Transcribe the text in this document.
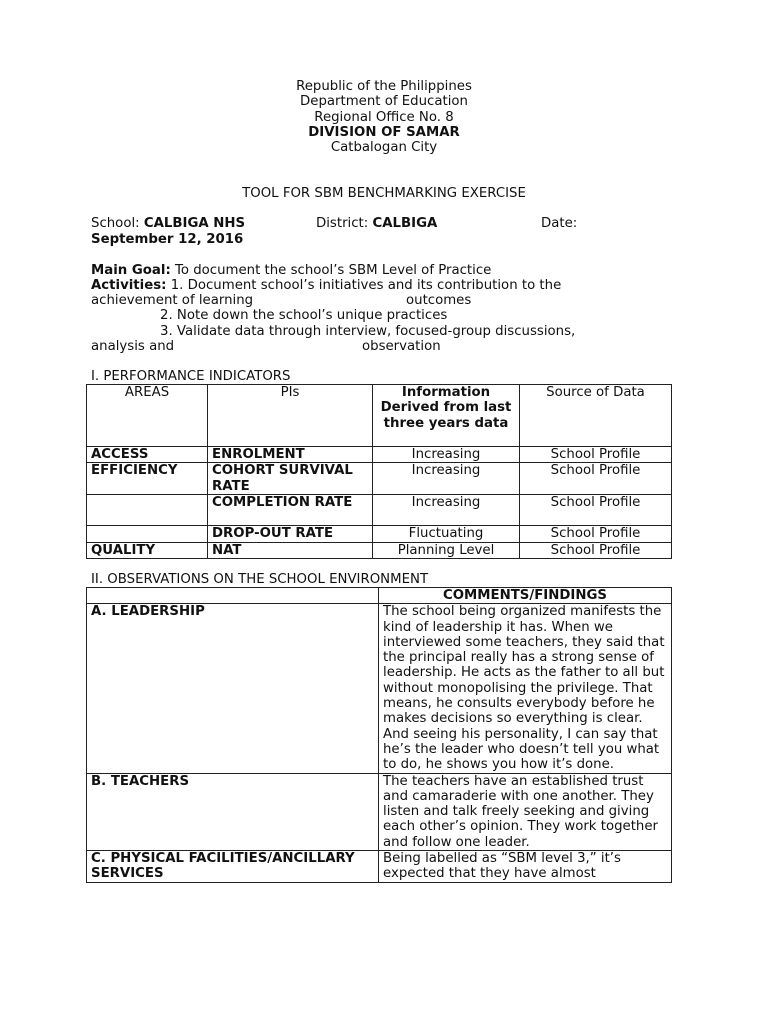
Republic of the Philippines
Department of Education
Regional Office No. 8
DIVISION OF SAMAR
Catbalogan City
TOOL FOR SBM BENCHMARKING EXERCISE
School: CALBIGA NHS	District: CALBIGA	Date:
September 12, 2016
Main Goal: To document the school’s SBM Level of Practice
Activities: 1. Document school’s initiatives and its contribution to the
achievement of learning	outcomes
2. Note down the school’s unique practices
3. Validate data through interview, focused-group discussions,
analysis and	observation
I. PERFORMANCE INDICATORS
AREAS	PIs	Information Derived from last three years data	Source of Data
ACCESS	ENROLMENT	Increasing	School Profile
EFFICIENCY	COHORT SURVIVAL RATE	Increasing	School Profile
	COMPLETION RATE	Increasing	School Profile
	DROP-OUT RATE	Fluctuating	School Profile
QUALITY	NAT	Planning Level	School Profile
II. OBSERVATIONS ON THE SCHOOL ENVIRONMENT
	COMMENTS/FINDINGS
A. LEADERSHIP	The school being organized manifests the kind of leadership it has. When we interviewed some teachers, they said that the principal really has a strong sense of leadership. He acts as the father to all but without monopolising the privilege. That means, he consults everybody before he makes decisions so everything is clear. And seeing his personality, I can say that he’s the leader who doesn’t tell you what to do, he shows you how it’s done.
B. TEACHERS	The teachers have an established trust and camaraderie with one another. They listen and talk freely seeking and giving each other’s opinion. They work together and follow one leader.
C. PHYSICAL FACILITIES/ANCILLARY SERVICES	Being labelled as “SBM level 3,” it’s expected that they have almost
